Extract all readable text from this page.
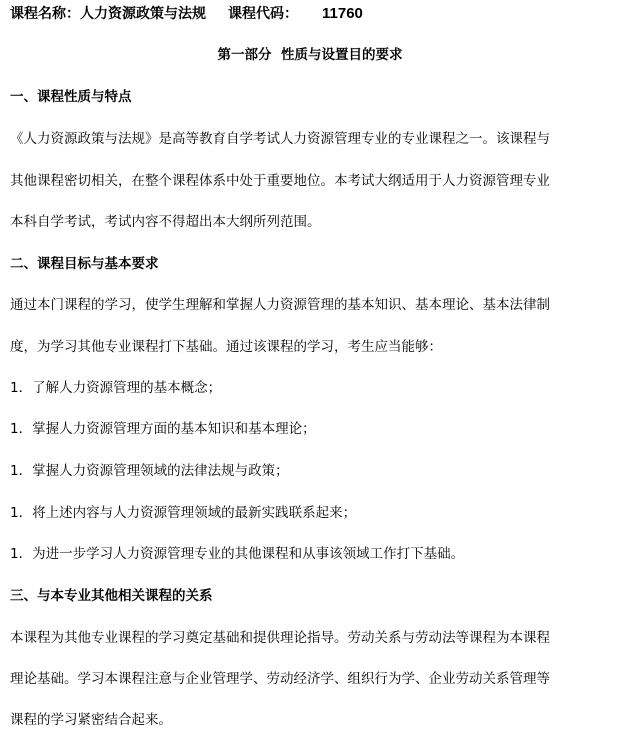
课程名称：人力资源政策与法规 课程代码： 11760
第一部分  性质与设置目的要求
一、课程性质与特点
《人力资源政策与法规》是高等教育自学考试人力资源管理专业的专业课程之一。该课程与
其他课程密切相关，在整个课程体系中处于重要地位。本考试大纲适用于人力资源管理专业
本科自学考试，考试内容不得超出本大纲所列范围。
二、课程目标与基本要求
通过本门课程的学习，使学生理解和掌握人力资源管理的基本知识、基本理论、基本法律制
度，为学习其他专业课程打下基础。通过该课程的学习，考生应当能够：
1．了解人力资源管理的基本概念；
1．掌握人力资源管理方面的基本知识和基本理论；
1．掌握人力资源管理领域的法律法规与政策；
1．将上述内容与人力资源管理领域的最新实践联系起来；
1．为进一步学习人力资源管理专业的其他课程和从事该领域工作打下基础。
三、与本专业其他相关课程的关系
本课程为其他专业课程的学习奠定基础和提供理论指导。劳动关系与劳动法等课程为本课程
理论基础。学习本课程注意与企业管理学、劳动经济学、组织行为学、企业劳动关系管理等
课程的学习紧密结合起来。
